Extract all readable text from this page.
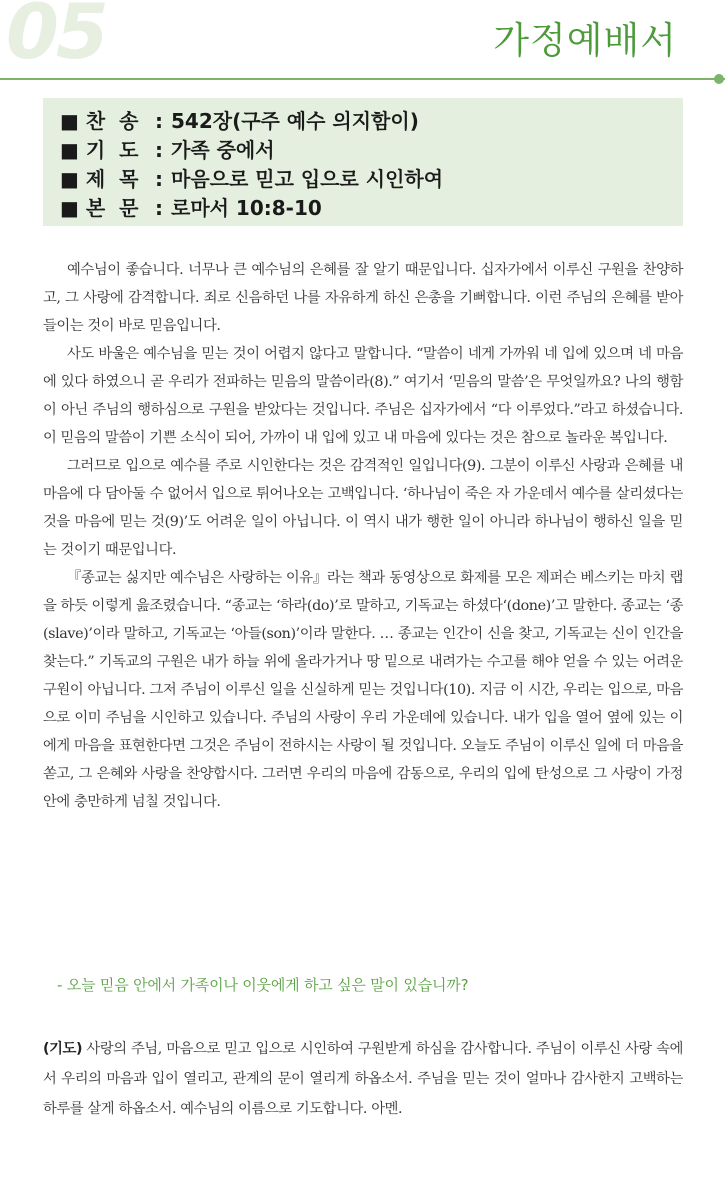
05	가정예배서
■ 찬  송 : 542장(구주 예수 의지함이)
■ 기  도 : 가족 중에서
■ 제  목 : 마음으로 믿고 입으로 시인하여
■ 본  문 : 로마서 10:8-10

예수님이 좋습니다. 너무나 큰 예수님의 은혜를 잘 알기 때문입니다. 십자가에서 이루신 구원을 찬양하고, 그 사랑에 감격합니다. 죄로 신음하던 나를 자유하게 하신 은총을 기뻐합니다. 이런 주님의 은혜를 받아들이는 것이 바로 믿음입니다.

사도 바울은 예수님을 믿는 것이 어렵지 않다고 말합니다. “말씀이 네게 가까워 네 입에 있으며 네 마음에 있다 하였으니 곧 우리가 전파하는 믿음의 말씀이라(8).” 여기서 ‘믿음의 말씀’은 무엇일까요? 나의 행함이 아닌 주님의 행하심으로 구원을 받았다는 것입니다. 주님은 십자가에서 “다 이루었다.”라고 하셨습니다. 이 믿음의 말씀이 기쁜 소식이 되어, 가까이 내 입에 있고 내 마음에 있다는 것은 참으로 놀라운 복입니다.

그러므로 입으로 예수를 주로 시인한다는 것은 감격적인 일입니다(9). 그분이 이루신 사랑과 은혜를 내 마음에 다 담아둘 수 없어서 입으로 튀어나오는 고백입니다. ‘하나님이 죽은 자 가운데서 예수를 살리셨다는 것을 마음에 믿는 것(9)’도 어려운 일이 아닙니다. 이 역시 내가 행한 일이 아니라 하나님이 행하신 일을 믿는 것이기 때문입니다.

『종교는 싫지만 예수님은 사랑하는 이유』라는 책과 동영상으로 화제를 모은 제퍼슨 베스키는 마치 랩을 하듯 이렇게 읊조렸습니다. “종교는 ‘하라(do)’로 말하고, 기독교는 하셨다‘(done)’고 말한다. 종교는 ‘종(slave)’이라 말하고, 기독교는 ‘아들(son)’이라 말한다. … 종교는 인간이 신을 찾고, 기독교는 신이 인간을 찾는다.” 기독교의 구원은 내가 하늘 위에 올라가거나 땅 밑으로 내려가는 수고를 해야 얻을 수 있는 어려운 구원이 아닙니다. 그저 주님이 이루신 일을 신실하게 믿는 것입니다(10). 지금 이 시간, 우리는 입으로, 마음으로 이미 주님을 시인하고 있습니다. 주님의 사랑이 우리 가운데에 있습니다. 내가 입을 열어 옆에 있는 이에게 마음을 표현한다면 그것은 주님이 전하시는 사랑이 될 것입니다. 오늘도 주님이 이루신 일에 더 마음을 쏟고, 그 은혜와 사랑을 찬양합시다. 그러면 우리의 마음에 감동으로, 우리의 입에 탄성으로 그 사랑이 가정 안에 충만하게 넘칠 것입니다.

- 오늘 믿음 안에서 가족이나 이웃에게 하고 싶은 말이 있습니까?
(기도) 사랑의 주님, 마음으로 믿고 입으로 시인하여 구원받게 하심을 감사합니다. 주님이 이루신 사랑 속에서 우리의 마음과 입이 열리고, 관계의 문이 열리게 하옵소서. 주님을 믿는 것이 얼마나 감사한지 고백하는 하루를 살게 하옵소서. 예수님의 이름으로 기도합니다. 아멘.
